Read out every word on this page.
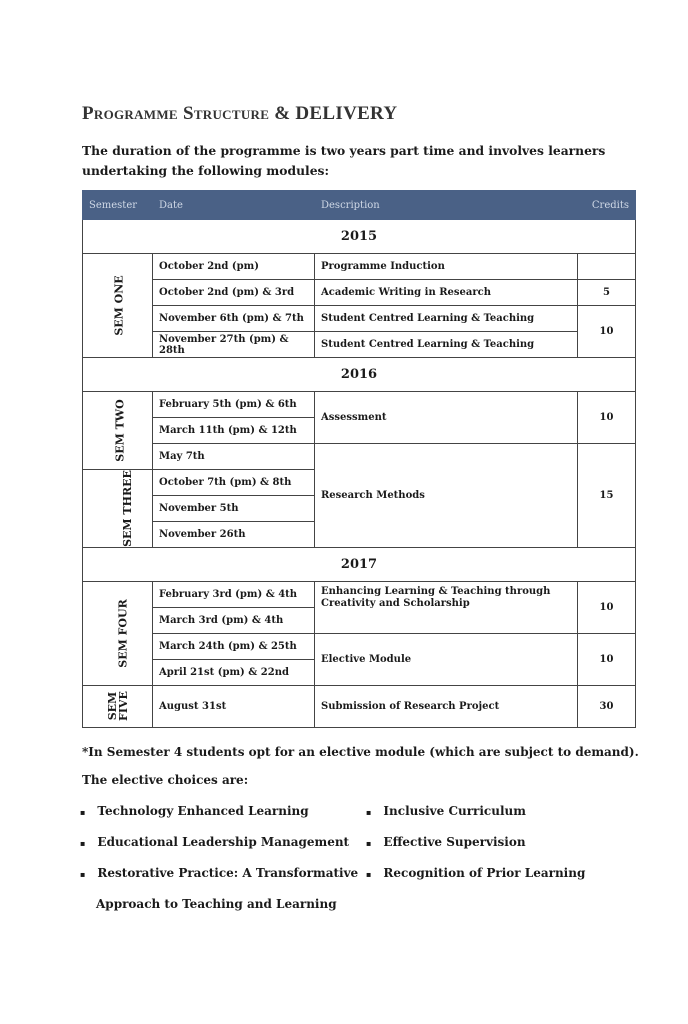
Programme Structure & DELIVERY
The duration of the programme is two years part time and involves learners undertaking the following modules:
Semester	Date	Description	Credits
2015			
SEM ONE	October 2nd (pm)	Programme Induction	
	October 2nd (pm) & 3rd	Academic Writing in Research	5
	November 6th (pm) & 7th	Student Centred Learning & Teaching	10
	November 27th (pm) & 28th	Student Centred Learning & Teaching	
2016			
SEM TWO	February 5th (pm) & 6th	Assessment	10
	March 11th (pm) & 12th		
	May 7th	Research Methods	15
SEM THREE	October 7th (pm) & 8th		
	November 5th		
	November 26th		
2017			
SEM FOUR	February 3rd (pm) & 4th	Enhancing Learning & Teaching through Creativity and Scholarship	10
	March 3rd (pm) & 4th		
	March 24th (pm) & 25th	Elective Module	10
	April 21st (pm) & 22nd		

SEM
FIVE	August 31st	Submission of Research Project	30
*In Semester 4 students opt for an elective module (which are subject to demand).
The elective choices are:
▪ Technology Enhanced Learning
▪ Educational Leadership Management
▪ Restorative Practice: A Transformative
Approach to Teaching and Learning
▪ Inclusive Curriculum
▪ Effective Supervision
▪ Recognition of Prior Learning
